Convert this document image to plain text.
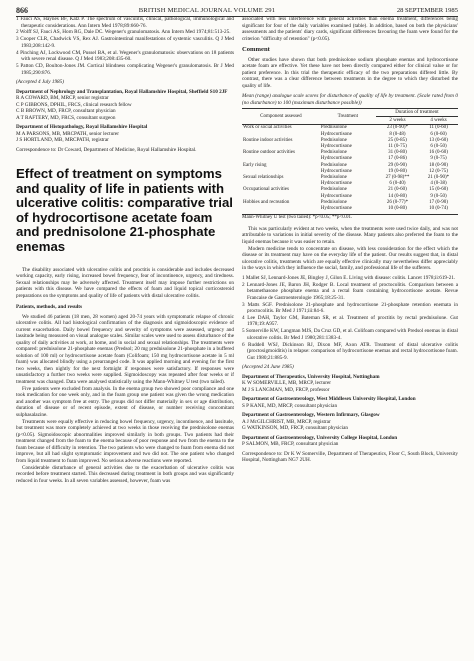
866	BRITISH MEDICAL JOURNAL VOLUME 291	28 SEPTEMBER 1985

1 Fauci AS, Haynes BF, Katz P. The spectrum of vasculitis, clinical, pathological, immunological and therapeutic considerations. Ann Intern Med 1978;89:660-76.

2 Wolff SJ, Fauci AS, Horn RG, Dale DC. Wegener's granulomatosis. Ann Intern Med 1974;81:513-25.

3 Cooper CLR, Chadwick VS, Rex AJ. Gastrointestinal manifestations of systemic vasculitis. Q J Med 1983;208:142-9.

4 Pinching AJ, Lockwood CM, Pussel BA, et al. Wegener's granulomatosis: observations on 18 patients with severe renal disease. Q J Med 1983;208:435-60.

5 Patton CD, Boulton-Jones JM. Cortical blindness complicating Wegener's granulomatosis. Br J Med 1985;290:876.

(Accepted 4 July 1985)
Department of Nephrology and Transplantation, Royal Hallamshire Hospital, Sheffield S10 2JF

R A COWARD, BM, MRCP, senior registrar

C P GIBBONS, DPHIL, FRCS, clinical research fellow

C B BROWN, MD, FRCP, consultant physician

A T RAFTERY, MD, FRCS, consultant surgeon

Department of Histopathology, Royal Hallamshire Hospital

M A PARSONS, MB, MRCPATH, senior lecturer

J S HORTLAND, MB, MRCPATH, registrar

Correspondence to: Dr Coward, Department of Medicine, Royal Hallamshire Hospital.

Effect of treatment on symptoms and quality of life in patients with ulcerative colitis: comparative trial of hydrocortisone acetate foam and prednisolone 21-phosphate enemas

The disability associated with ulcerative colitis and proctitis is considerable and includes decreased working capacity, early rising, increased bowel frequency, fear of incontinence, urgency, and tiredness. Sexual relationships may be adversely affected. Treatment itself may impose further restrictions on patients with this disease. We have compared the effects of foam and liquid topical corticosteroid preparations on the symptoms and quality of life of patients with distal ulcerative colitis.

Patients, methods, and results

We studied 46 patients (18 men, 28 women) aged 20-74 years with symptomatic relapse of chronic ulcerative colitis. All had histological confirmation of the diagnosis and sigmoidoscopic evidence of current exacerbation. Daily bowel frequency and severity of symptoms were assessed, urgency and lassitude being measured on visual analogue scales. Similar scales were used to assess disturbance of the quality of daily activities at work, at home, and in social and sexual relationships. The treatments were compared: prednisolone 21-phosphate enemas (Predsol; 20 mg prednisolone 21-phosphate in a buffered solution of 100 ml) or hydrocortisone acetate foam (Colifoam; 150 mg hydrocortisone acetate in 5 ml foam) was allocated blindly using a prearranged code. It was applied morning and evening for the first two weeks, then nightly for the next fortnight if responses were satisfactory. If responses were unsatisfactory a further two weeks were supplied. Sigmoidoscopy was repeated after four weeks or if treatment was changed. Data were analysed statistically using the Mann-Whitney U test (two tailed).

Five patients were excluded from analysis. In the enema group two showed poor compliance and one took medication for one week only, and in the foam group one patient was given the wrong medication and another was symptom free at entry. The groups did not differ materially in sex or age distribution, duration of disease or of recent episode, extent of disease, or number receiving concomitant sulphasalazine.

Treatments were equally effective in reducing bowel frequency, urgency, incontinence, and lassitude, but treatment was more completely achieved at two weeks in those receiving the prednisolone enemas (p<0.05). Sigmoidoscopic abnormalities improved similarly in both groups. Two patients had their treatment changed from the foam to the enema because of poor response and two from the enema to the foam because of difficulty in retention. The two patients who were changed to foam from enema did not improve, but all had slight symptomatic improvement and two did not. The one patient who changed from liquid treatment to foam improved. No serious adverse reactions were reported.

Considerable disturbance of general activities due to the exacerbation of ulcerative colitis was recorded before treatment started. This decreased during treatment in both groups and was significantly reduced in four weeks. In all seven variables assessed, however, foam was

associated with less interference with general activities than enema treatment, differences being significant for four of the daily variables examined (table). In addition, based on both the physicians' assessments and the patients' diary cards, significant differences favouring the foam were found for the criterion "difficulty of retention" (p<0.05).

Comment

Other studies have shown that both prednisolone sodium phosphate enemas and hydrocortisone acetate foam are effective. Yet these have not been directly compared either for clinical value or for patient preference. In this trial the therapeutic efficacy of the two preparations differed little. By contrast, there was a clear difference between treatments in the degree to which they disturbed the quality of life.

Mean (range) analogue scale scores for disturbance of quality of life by treatment. (Scale rated from 0 (no disturbance) to 100 (maximum disturbance possible))
Component assessed	Treatment	Duration of treatment	
		2 weeks	4 weeks
Work or social activities	Prednisolone	23 (0-90)*	11 (0-60)
	Hydrocortisone	8 (0-48)	6 (0-60)
Routine indoor activities	Prednisolone	25 (0-85)	13 (0-60)
	Hydrocortisone	11 (0-75)	6 (0-50)
Routine outdoor activities	Prednisolone	31 (0-80)	16 (0-60)
	Hydrocortisone	17 (0-86)	9 (0-75)
Early rising	Prednisolone	29 (0-90)	18 (0-90)
	Hydrocortisone	19 (0-80)	12 (0-75)
Sexual relationships	Prednisolone	27 (0-98)**	21 (0-90)*
	Hydrocortisone	6 (0-40)	4 (0-38)
Occupational activities	Prednisolone	21 (0-60)	15 (0-60)
	Hydrocortisone	14 (0-80)	9 (0-50)
Hobbies and recreation	Prednisolone	26 (0-77)*	17 (0-90)
	Hydrocortisone	10 (0-80)	10 (0-74)
Mann-Whitney U test (two tailed): *p<0.05; **p<0.01.

This was particularly evident at two weeks, when the treatments were used twice daily, and was not attributable to variations in initial severity of the disease. Many patients also preferred the foam to the liquid enemas because it was easier to retain.

Modern medicine tends to concentrate on disease, with less consideration for the effect which the disease or its treatment may have on the everyday life of the patient. Our results suggest that, in distal ulcerative colitis, treatments which are equally effective clinically may nevertheless differ appreciably in the ways in which they influence the social, family, and professional life of the sufferers.

1 Mallet SJ, Lennard-Jones JE, Bingley J, Gilon E. Living with disease: colitis. Lancet 1978;ii:619-21.

2 Lennard-Jones JE, Baron JH, Rodger B. Local treatment of proctocolitis. Comparison between a betamethasone phosphate enema and a rectal foam containing hydrocortisone acetate. Revue Francaise de Gastroenterologie 1965;18:25-31.

3 Matts SGF. Prednisolone 21-phosphate and hydrocortisone 21-phosphate retention enemata in proctocolitis. Br Med J 1971;iii:84-6.

4 Lee DAH, Taylor GM, Bateman SR, et al. Treatment of proctitis by rectal prednisolone. Gut 1978;19:A957.

5 Somerville KW, Langman MJS, Da Cruz GD, et al. Colifoam compared with Predsol enemas in distal ulcerative colitis. Br Med J 1980;281:1383-4.

6 Ruddell WSJ, Dickinson RJ, Dixon MF, Axon ATR. Treatment of distal ulcerative colitis (proctosigmoiditis) in relapse: comparison of hydrocortisone enemas and rectal hydrocortisone foam. Gut 1980;21:885-9.

(Accepted 24 June 1985)
Department of Therapeutics, University Hospital, Nottingham

K W SOMERVILLE, MB, MRCP, lecturer

M J S LANGMAN, MD, FRCP, professor

Department of Gastroenterology, West Middlesex University Hospital, London

S P KANE, MD, MRCP, consultant physician

Department of Gastroenterology, Western Infirmary, Glasgow

A J McGILCHRIST, MB, MRCP, registrar

G WATKINSON, MD, FRCP, consultant physician

Department of Gastroenterology, University College Hospital, London

P SALMON, MB, FRCP, consultant physician

Correspondence to: Dr K W Somerville, Department of Therapeutics, Floor C, South Block, University Hospital, Nottingham NG7 2UH.
